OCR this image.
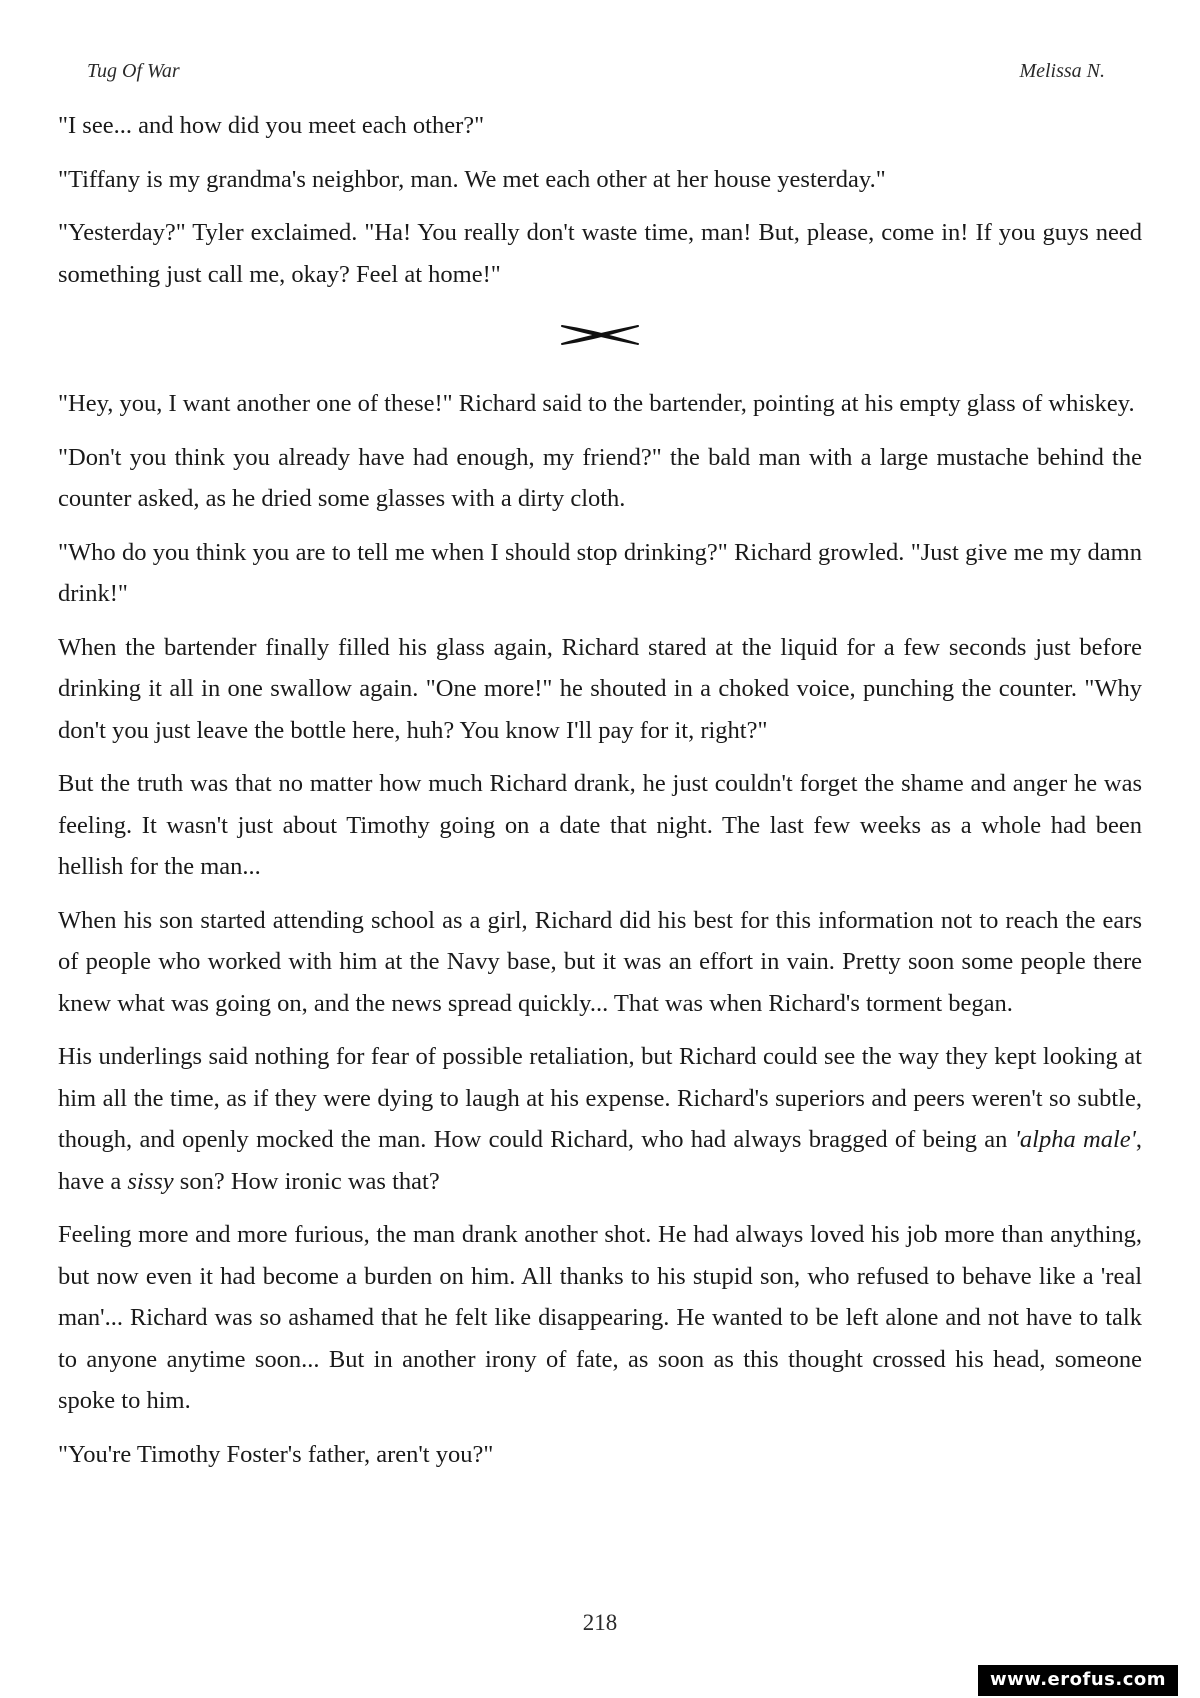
Tug Of War	Melissa N.

"I see... and how did you meet each other?"

"Tiffany is my grandma's neighbor, man. We met each other at her house yesterday."

"Yesterday?" Tyler exclaimed. "Ha! You really don't waste time, man! But, please, come in! If you guys need something just call me, okay? Feel at home!"

"Hey, you, I want another one of these!" Richard said to the bartender, pointing at his empty glass of whiskey.

"Don't you think you already have had enough, my friend?" the bald man with a large mustache behind the counter asked, as he dried some glasses with a dirty cloth.

"Who do you think you are to tell me when I should stop drinking?" Richard growled. "Just give me my damn drink!"

When the bartender finally filled his glass again, Richard stared at the liquid for a few seconds just before drinking it all in one swallow again. "One more!" he shouted in a choked voice, punching the counter. "Why don't you just leave the bottle here, huh? You know I'll pay for it, right?"

But the truth was that no matter how much Richard drank, he just couldn't forget the shame and anger he was feeling. It wasn't just about Timothy going on a date that night. The last few weeks as a whole had been hellish for the man...

When his son started attending school as a girl, Richard did his best for this information not to reach the ears of people who worked with him at the Navy base, but it was an effort in vain. Pretty soon some people there knew what was going on, and the news spread quickly... That was when Richard's torment began.

His underlings said nothing for fear of possible retaliation, but Richard could see the way they kept looking at him all the time, as if they were dying to laugh at his expense. Richard's superiors and peers weren't so subtle, though, and openly mocked the man. How could Richard, who had always bragged of being an 'alpha male', have a sissy son? How ironic was that?

Feeling more and more furious, the man drank another shot. He had always loved his job more than anything, but now even it had become a burden on him. All thanks to his stupid son, who refused to behave like a 'real man'... Richard was so ashamed that he felt like disappearing. He wanted to be left alone and not have to talk to anyone anytime soon... But in another irony of fate, as soon as this thought crossed his head, someone spoke to him.

"You're Timothy Foster's father, aren't you?"

218
www.erofus.com
